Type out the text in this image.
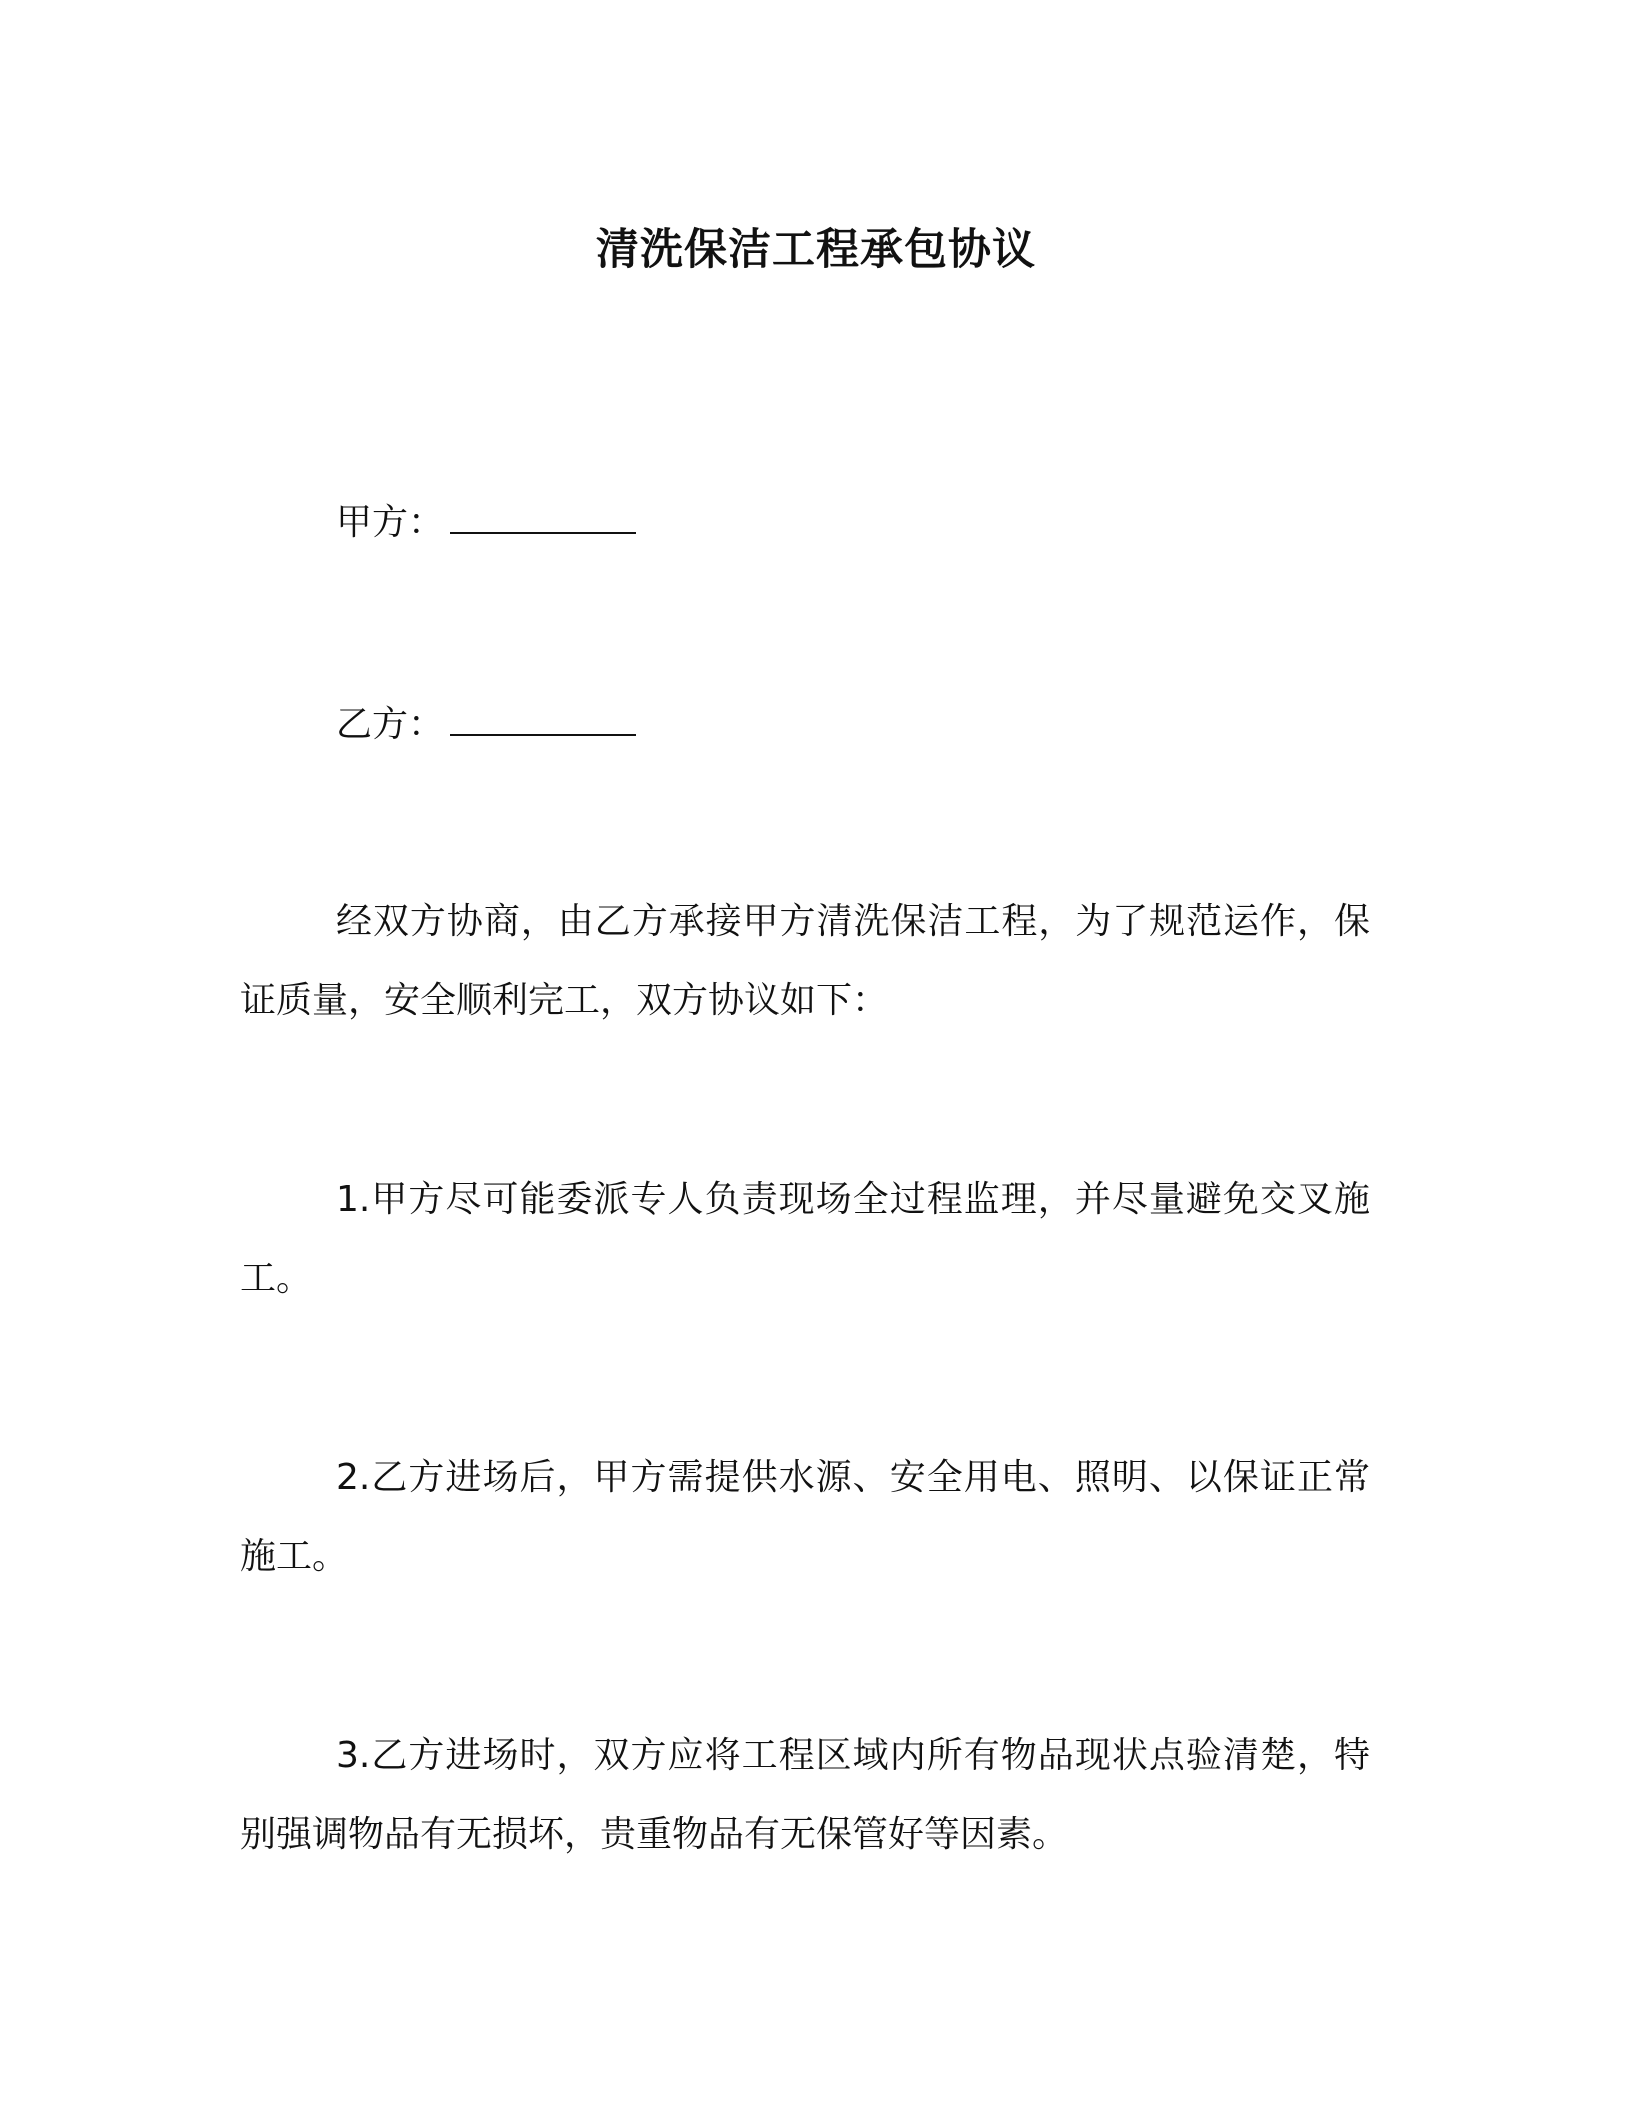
清洗保洁工程承包协议
甲方：
乙方：
经双方协商，由乙方承接甲方清洗保洁工程，为了规范运作，保证质量，安全顺利完工，双方协议如下：
1.甲方尽可能委派专人负责现场全过程监理，并尽量避免交叉施工。
2.乙方进场后，甲方需提供水源、安全用电、照明、以保证正常施工。
3.乙方进场时，双方应将工程区域内所有物品现状点验清楚，特别强调物品有无损坏，贵重物品有无保管好等因素。
